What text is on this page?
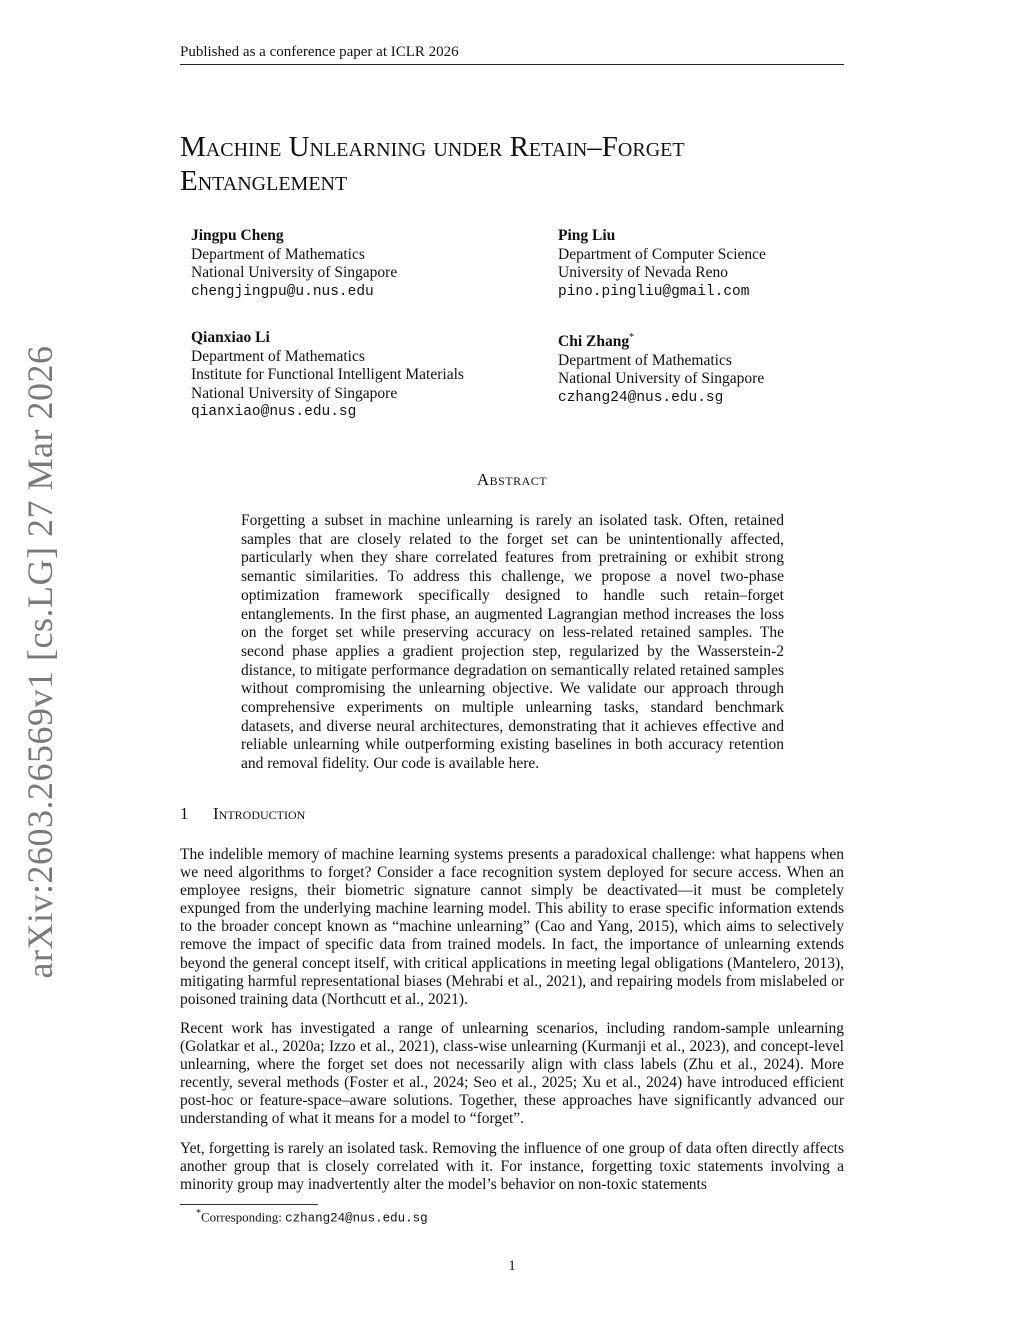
Published as a conference paper at ICLR 2026
arXiv:2603.26569v1 [cs.LG] 27 Mar 2026
Machine Unlearning under Retain–Forget Entanglement
Jingpu Cheng
Department of Mathematics
National University of Singapore
chengjingpu@u.nus.edu
Ping Liu
Department of Computer Science
University of Nevada Reno
pino.pingliu@gmail.com
Qianxiao Li
Department of Mathematics
Institute for Functional Intelligent Materials
National University of Singapore
qianxiao@nus.edu.sg
Chi Zhang*
Department of Mathematics
National University of Singapore
czhang24@nus.edu.sg
Abstract

Forgetting a subset in machine unlearning is rarely an isolated task. Often, retained samples that are closely related to the forget set can be unintentionally affected, particularly when they share correlated features from pretraining or exhibit strong semantic similarities. To address this challenge, we propose a novel two-phase optimization framework specifically designed to handle such retain–forget entanglements. In the first phase, an augmented Lagrangian method increases the loss on the forget set while preserving accuracy on less-related retained samples. The second phase applies a gradient projection step, regularized by the Wasserstein-2 distance, to mitigate performance degradation on semantically related retained samples without compromising the unlearning objective. We validate our approach through comprehensive experiments on multiple unlearning tasks, standard benchmark datasets, and diverse neural architectures, demonstrating that it achieves effective and reliable unlearning while outperforming existing baselines in both accuracy retention and removal fidelity. Our code is available here.

1 Introduction

The indelible memory of machine learning systems presents a paradoxical challenge: what happens when we need algorithms to forget? Consider a face recognition system deployed for secure access. When an employee resigns, their biometric signature cannot simply be deactivated—it must be completely expunged from the underlying machine learning model. This ability to erase specific information extends to the broader concept known as “machine unlearning” (Cao and Yang, 2015), which aims to selectively remove the impact of specific data from trained models. In fact, the importance of unlearning extends beyond the general concept itself, with critical applications in meeting legal obligations (Mantelero, 2013), mitigating harmful representational biases (Mehrabi et al., 2021), and repairing models from mislabeled or poisoned training data (Northcutt et al., 2021).

Recent work has investigated a range of unlearning scenarios, including random-sample unlearning (Golatkar et al., 2020a; Izzo et al., 2021), class-wise unlearning (Kurmanji et al., 2023), and concept-level unlearning, where the forget set does not necessarily align with class labels (Zhu et al., 2024). More recently, several methods (Foster et al., 2024; Seo et al., 2025; Xu et al., 2024) have introduced efficient post-hoc or feature-space–aware solutions. Together, these approaches have significantly advanced our understanding of what it means for a model to “forget”.

Yet, forgetting is rarely an isolated task. Removing the influence of one group of data often directly affects another group that is closely correlated with it. For instance, forgetting toxic statements involving a minority group may inadvertently alter the model’s behavior on non-toxic statements

*Corresponding: czhang24@nus.edu.sg
1
